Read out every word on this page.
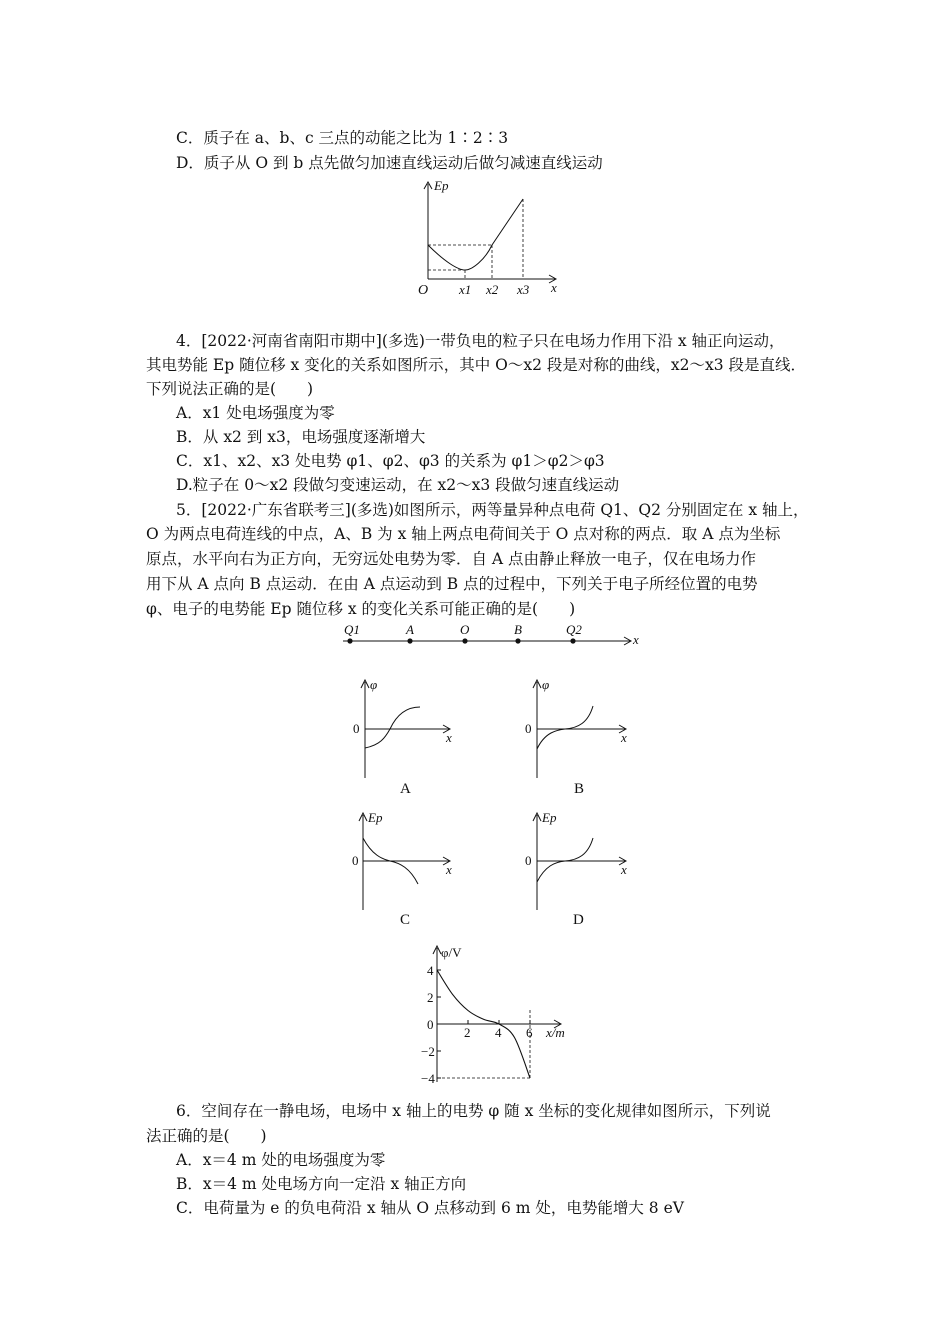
C．质子在 a、b、c 三点的动能之比为 1∶2∶3
D．质子从 O 到 b 点先做匀加速直线运动后做匀减速直线运动
Ep
O x1 x2 x3 x
4．[2022·河南省南阳市期中](多选)一带负电的粒子只在电场力作用下沿 x 轴正向运动，
其电势能 Ep 随位移 x 变化的关系如图所示，其中 O～x2 段是对称的曲线，x2～x3 段是直线．
下列说法正确的是(　　)
A．x1 处电场强度为零
B．从 x2 到 x3，电场强度逐渐增大
C．x1、x2、x3 处电势 φ1、φ2、φ3 的关系为 φ1＞φ2＞φ3
D.粒子在 0～x2 段做匀变速运动，在 x2～x3 段做匀速直线运动
5．[2022·广东省联考三](多选)如图所示，两等量异种点电荷 Q1、Q2 分别固定在 x 轴上，
O 为两点电荷连线的中点，A、B 为 x 轴上两点电荷间关于 O 点对称的两点．取 A 点为坐标
原点，水平向右为正方向，无穷远处电势为零．自 A 点由静止释放一电子，仅在电场力作
用下从 A 点向 B 点运动．在由 A 点运动到 B 点的过程中，下列关于电子所经位置的电势
φ、电子的电势能 Ep 随位移 x 的变化关系可能正确的是(　　)
Q1	A	O	B	Q2
x
φ
0
x
φ
0
x
Ep
0
x
Ep
0
x
A	B
C	D
2 4 6
4
2
0
−2
−4
φ/V
x/m
6．空间存在一静电场，电场中 x 轴上的电势 φ 随 x 坐标的变化规律如图所示，下列说
法正确的是(　　)
A．x＝4 m 处的电场强度为零
B．x＝4 m 处电场方向一定沿 x 轴正方向
C．电荷量为 e 的负电荷沿 x 轴从 O 点移动到 6 m 处，电势能增大 8 eV
